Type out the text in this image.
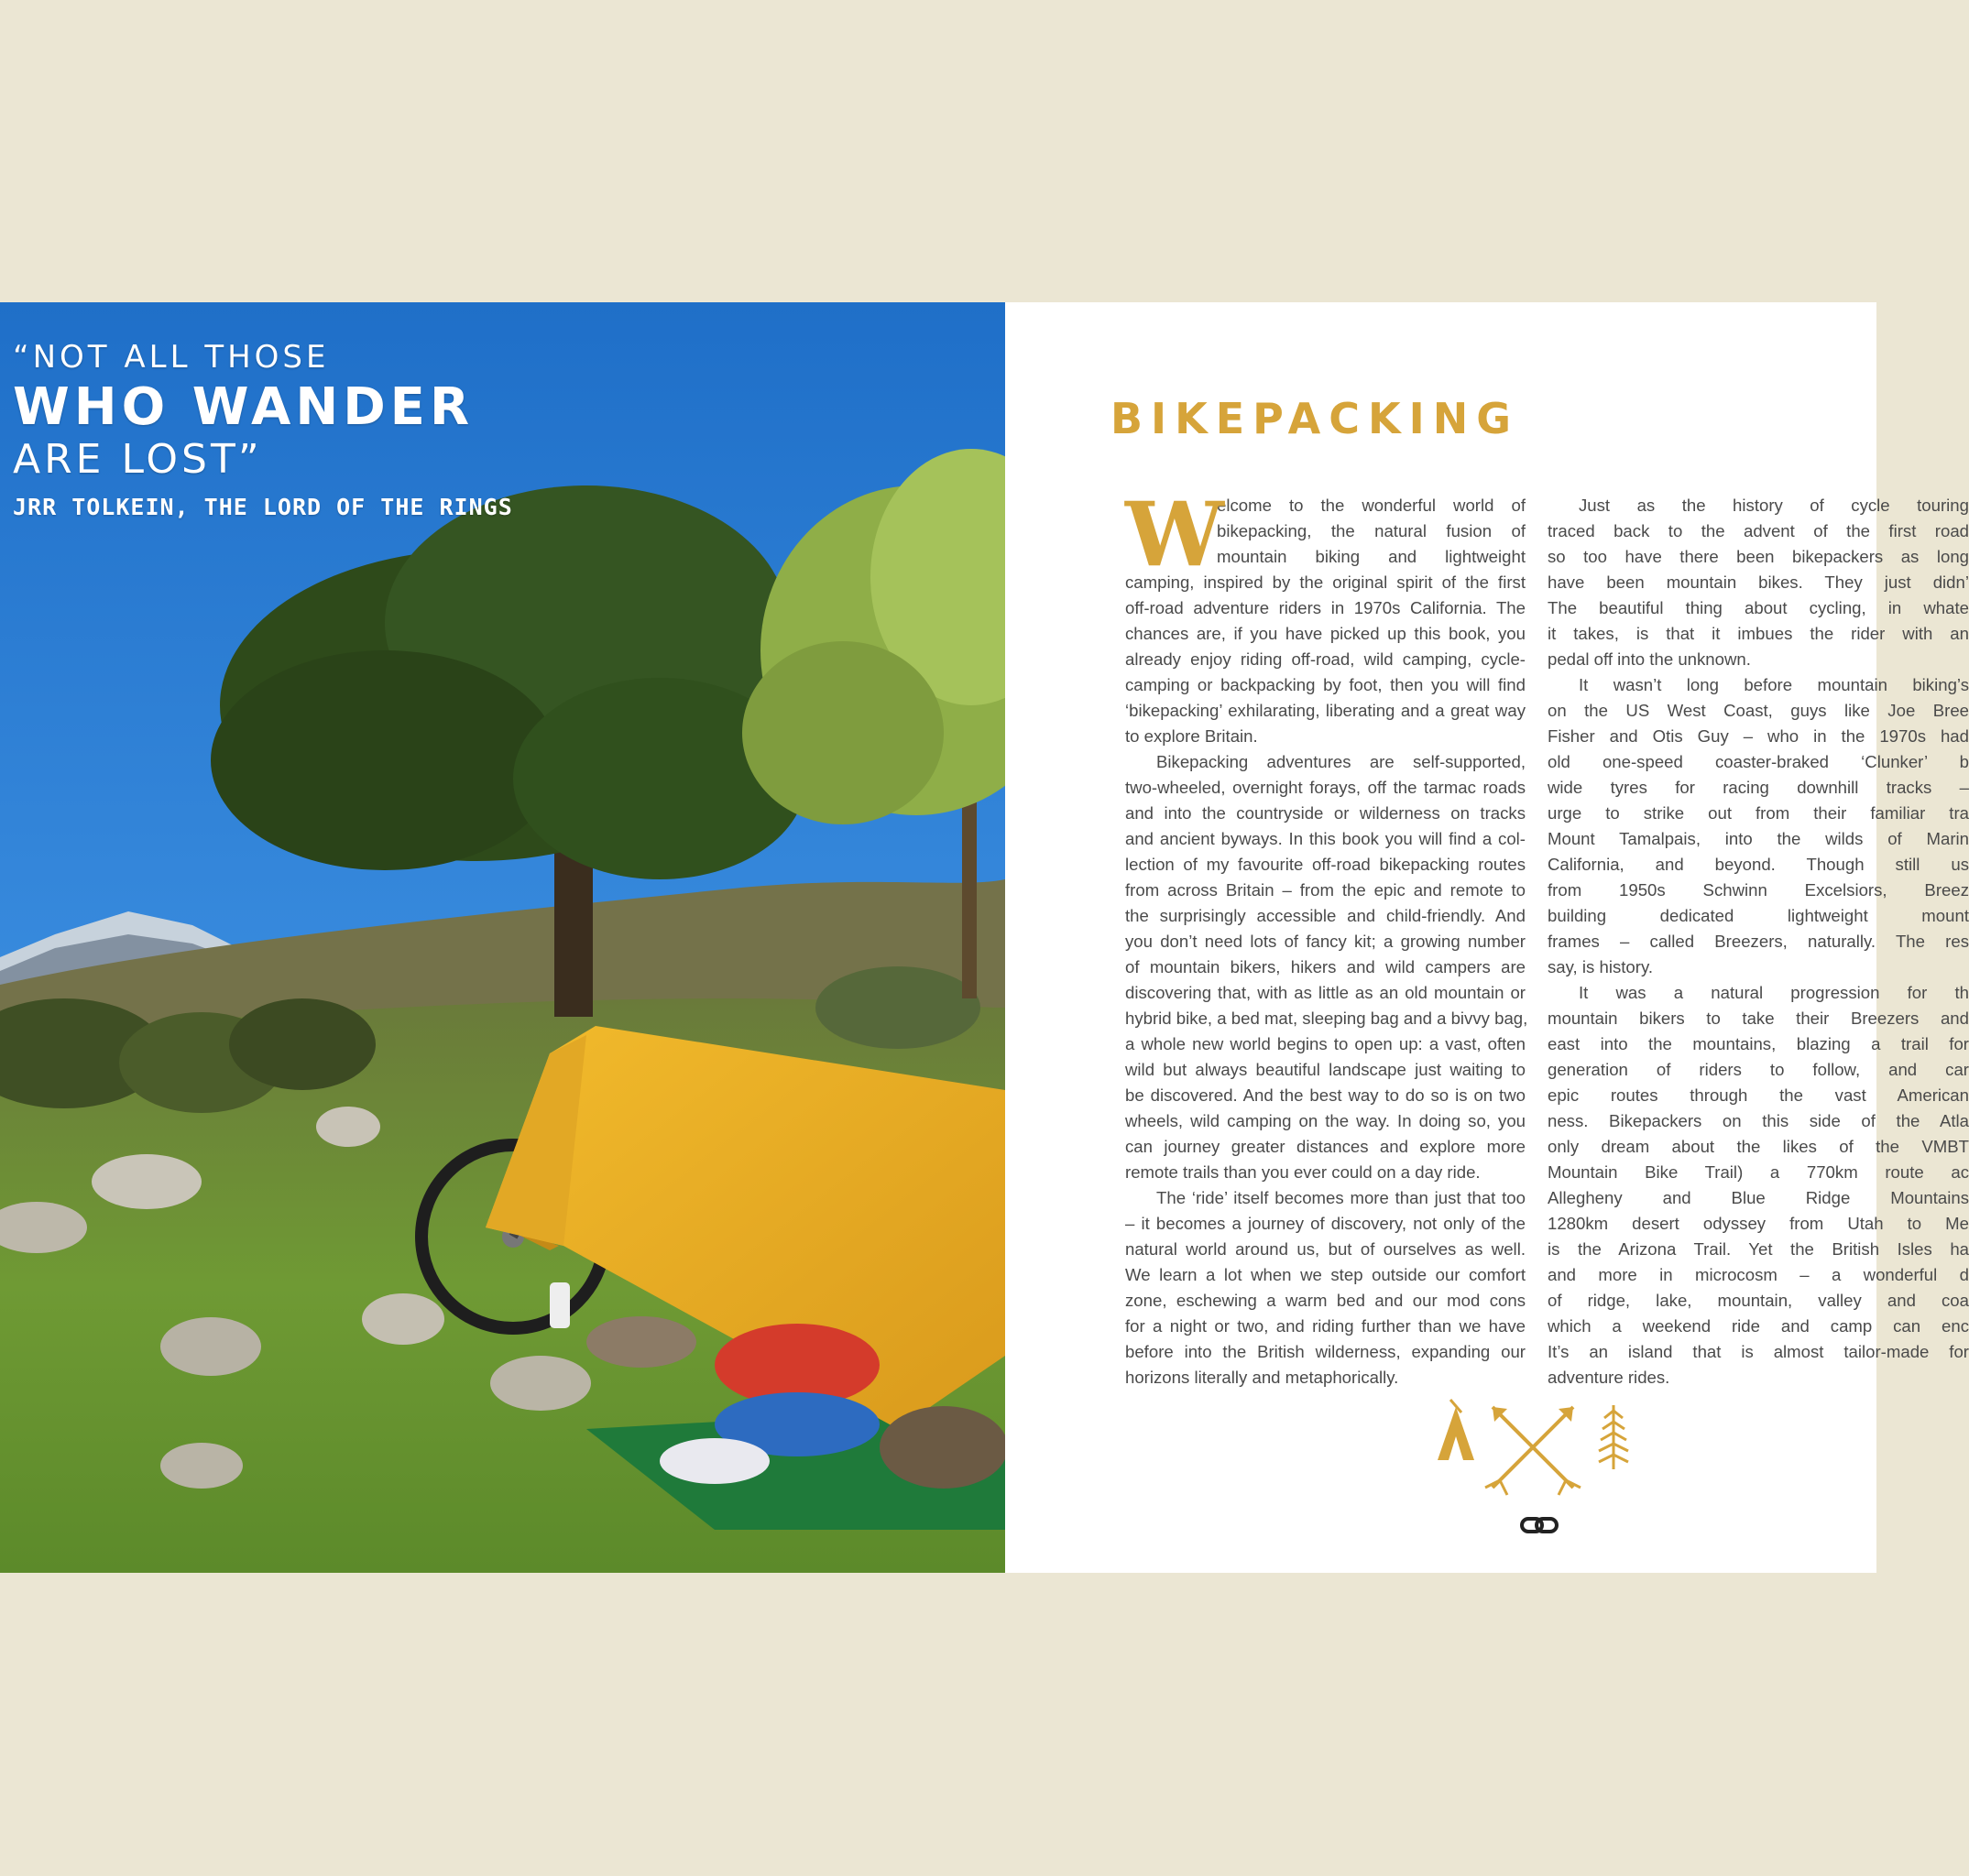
“NOT ALL THOSE
WHO WANDER
ARE LOST”
JRR TOLKEIN, THE LORD OF THE RINGS
BIKEPACKING
W
elcome to the wonderful world of
bikepacking, the natural fusion of
mountain biking and lightweight
camping, inspired by the original spirit of the first
off-road adventure riders in 1970s California. The
chances are, if you have picked up this book, you
already enjoy riding off-road, wild camping, cycle-
camping or backpacking by foot, then you will find
‘bikepacking’ exhilarating, liberating and a great way
to explore Britain.
Bikepacking adventures are self-supported,
two-wheeled, overnight forays, off the tarmac roads
and into the countryside or wilderness on tracks
and ancient byways. In this book you will find a col-
lection of my favourite off-road bikepacking routes
from across Britain – from the epic and remote to
the surprisingly accessible and child-friendly. And
you don’t need lots of fancy kit; a growing number
of mountain bikers, hikers and wild campers are
discovering that, with as little as an old mountain or
hybrid bike, a bed mat, sleeping bag and a bivvy bag,
a whole new world begins to open up: a vast, often
wild but always beautiful landscape just waiting to
be discovered. And the best way to do so is on two
wheels, wild camping on the way. In doing so, you
can journey greater distances and explore more
remote trails than you ever could on a day ride.
The ‘ride’ itself becomes more than just that too
– it becomes a journey of discovery, not only of the
natural world around us, but of ourselves as well.
We learn a lot when we step outside our comfort
zone, eschewing a warm bed and our mod cons
for a night or two, and riding further than we have
before into the British wilderness, expanding our
horizons literally and metaphorically.
Just as the history of cycle touring
traced back to the advent of the first road
so too have there been bikepackers as long
have been mountain bikes. They just didn’
The beautiful thing about cycling, in whate
it takes, is that it imbues the rider with an
pedal off into the unknown.
It wasn’t long before mountain biking’s
on the US West Coast, guys like Joe Bree
Fisher and Otis Guy – who in the 1970s had
old one-speed coaster-braked ‘Clunker’ b
wide tyres for racing downhill tracks –
urge to strike out from their familiar tra
Mount Tamalpais, into the wilds of Marin
California, and beyond. Though still us
from 1950s Schwinn Excelsiors, Breez
building dedicated lightweight mount
frames – called Breezers, naturally. The res
say, is history.
It was a natural progression for th
mountain bikers to take their Breezers and
east into the mountains, blazing a trail for
generation of riders to follow, and car
epic routes through the vast American
ness. Bikepackers on this side of the Atla
only dream about the likes of the VMBT
Mountain Bike Trail) a 770km route ac
Allegheny and Blue Ridge Mountains
1280km desert odyssey from Utah to Me
is the Arizona Trail. Yet the British Isles ha
and more in microcosm – a wonderful d
of ridge, lake, mountain, valley and coa
which a weekend ride and camp can enc
It’s an island that is almost tailor-made for
adventure rides.
